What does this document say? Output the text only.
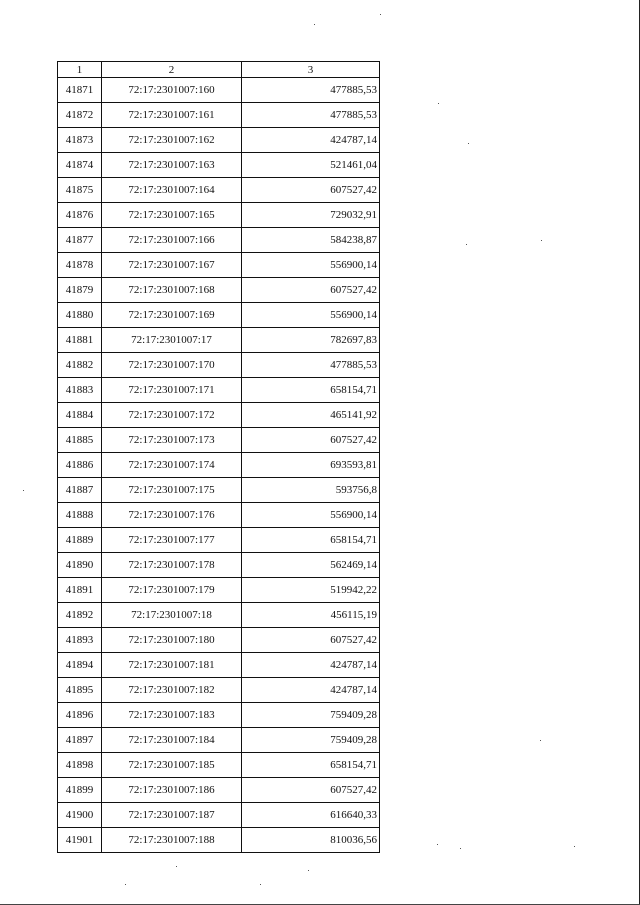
1	2	3
41871	72:17:2301007:160	477885,53
41872	72:17:2301007:161	477885,53
41873	72:17:2301007:162	424787,14
41874	72:17:2301007:163	521461,04
41875	72:17:2301007:164	607527,42
41876	72:17:2301007:165	729032,91
41877	72:17:2301007:166	584238,87
41878	72:17:2301007:167	556900,14
41879	72:17:2301007:168	607527,42
41880	72:17:2301007:169	556900,14
41881	72:17:2301007:17	782697,83
41882	72:17:2301007:170	477885,53
41883	72:17:2301007:171	658154,71
41884	72:17:2301007:172	465141,92
41885	72:17:2301007:173	607527,42
41886	72:17:2301007:174	693593,81
41887	72:17:2301007:175	593756,8
41888	72:17:2301007:176	556900,14
41889	72:17:2301007:177	658154,71
41890	72:17:2301007:178	562469,14
41891	72:17:2301007:179	519942,22
41892	72:17:2301007:18	456115,19
41893	72:17:2301007:180	607527,42
41894	72:17:2301007:181	424787,14
41895	72:17:2301007:182	424787,14
41896	72:17:2301007:183	759409,28
41897	72:17:2301007:184	759409,28
41898	72:17:2301007:185	658154,71
41899	72:17:2301007:186	607527,42
41900	72:17:2301007:187	616640,33
41901	72:17:2301007:188	810036,56
